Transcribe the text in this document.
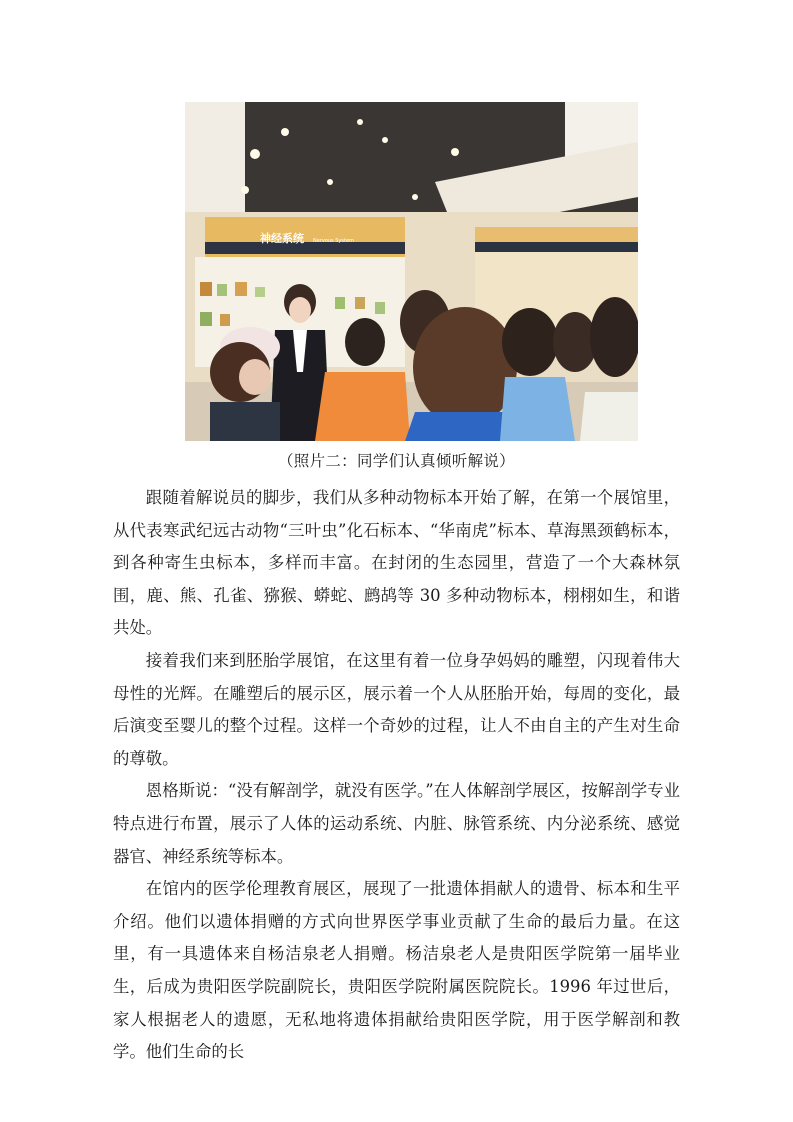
神经系统 Nervous System
（照片二：同学们认真倾听解说）

跟随着解说员的脚步，我们从多种动物标本开始了解，在第一个展馆里，从代表寒武纪远古动物“三叶虫”化石标本、“华南虎”标本、草海黑颈鹤标本，到各种寄生虫标本，多样而丰富。在封闭的生态园里，营造了一个大森林氛围，鹿、熊、孔雀、猕猴、蟒蛇、鹧鸪等 30 多种动物标本，栩栩如生，和谐共处。

接着我们来到胚胎学展馆，在这里有着一位身孕妈妈的雕塑，闪现着伟大母性的光辉。在雕塑后的展示区，展示着一个人从胚胎开始，每周的变化，最后演变至婴儿的整个过程。这样一个奇妙的过程，让人不由自主的产生对生命的尊敬。

恩格斯说：“没有解剖学，就没有医学。”在人体解剖学展区，按解剖学专业特点进行布置，展示了人体的运动系统、内脏、脉管系统、内分泌系统、感觉器官、神经系统等标本。

在馆内的医学伦理教育展区，展现了一批遗体捐献人的遗骨、标本和生平介绍。他们以遗体捐赠的方式向世界医学事业贡献了生命的最后力量。在这里，有一具遗体来自杨洁泉老人捐赠。杨洁泉老人是贵阳医学院第一届毕业生，后成为贵阳医学院副院长，贵阳医学院附属医院院长。1996 年过世后，家人根据老人的遗愿，无私地将遗体捐献给贵阳医学院，用于医学解剖和教学。他们生命的长
